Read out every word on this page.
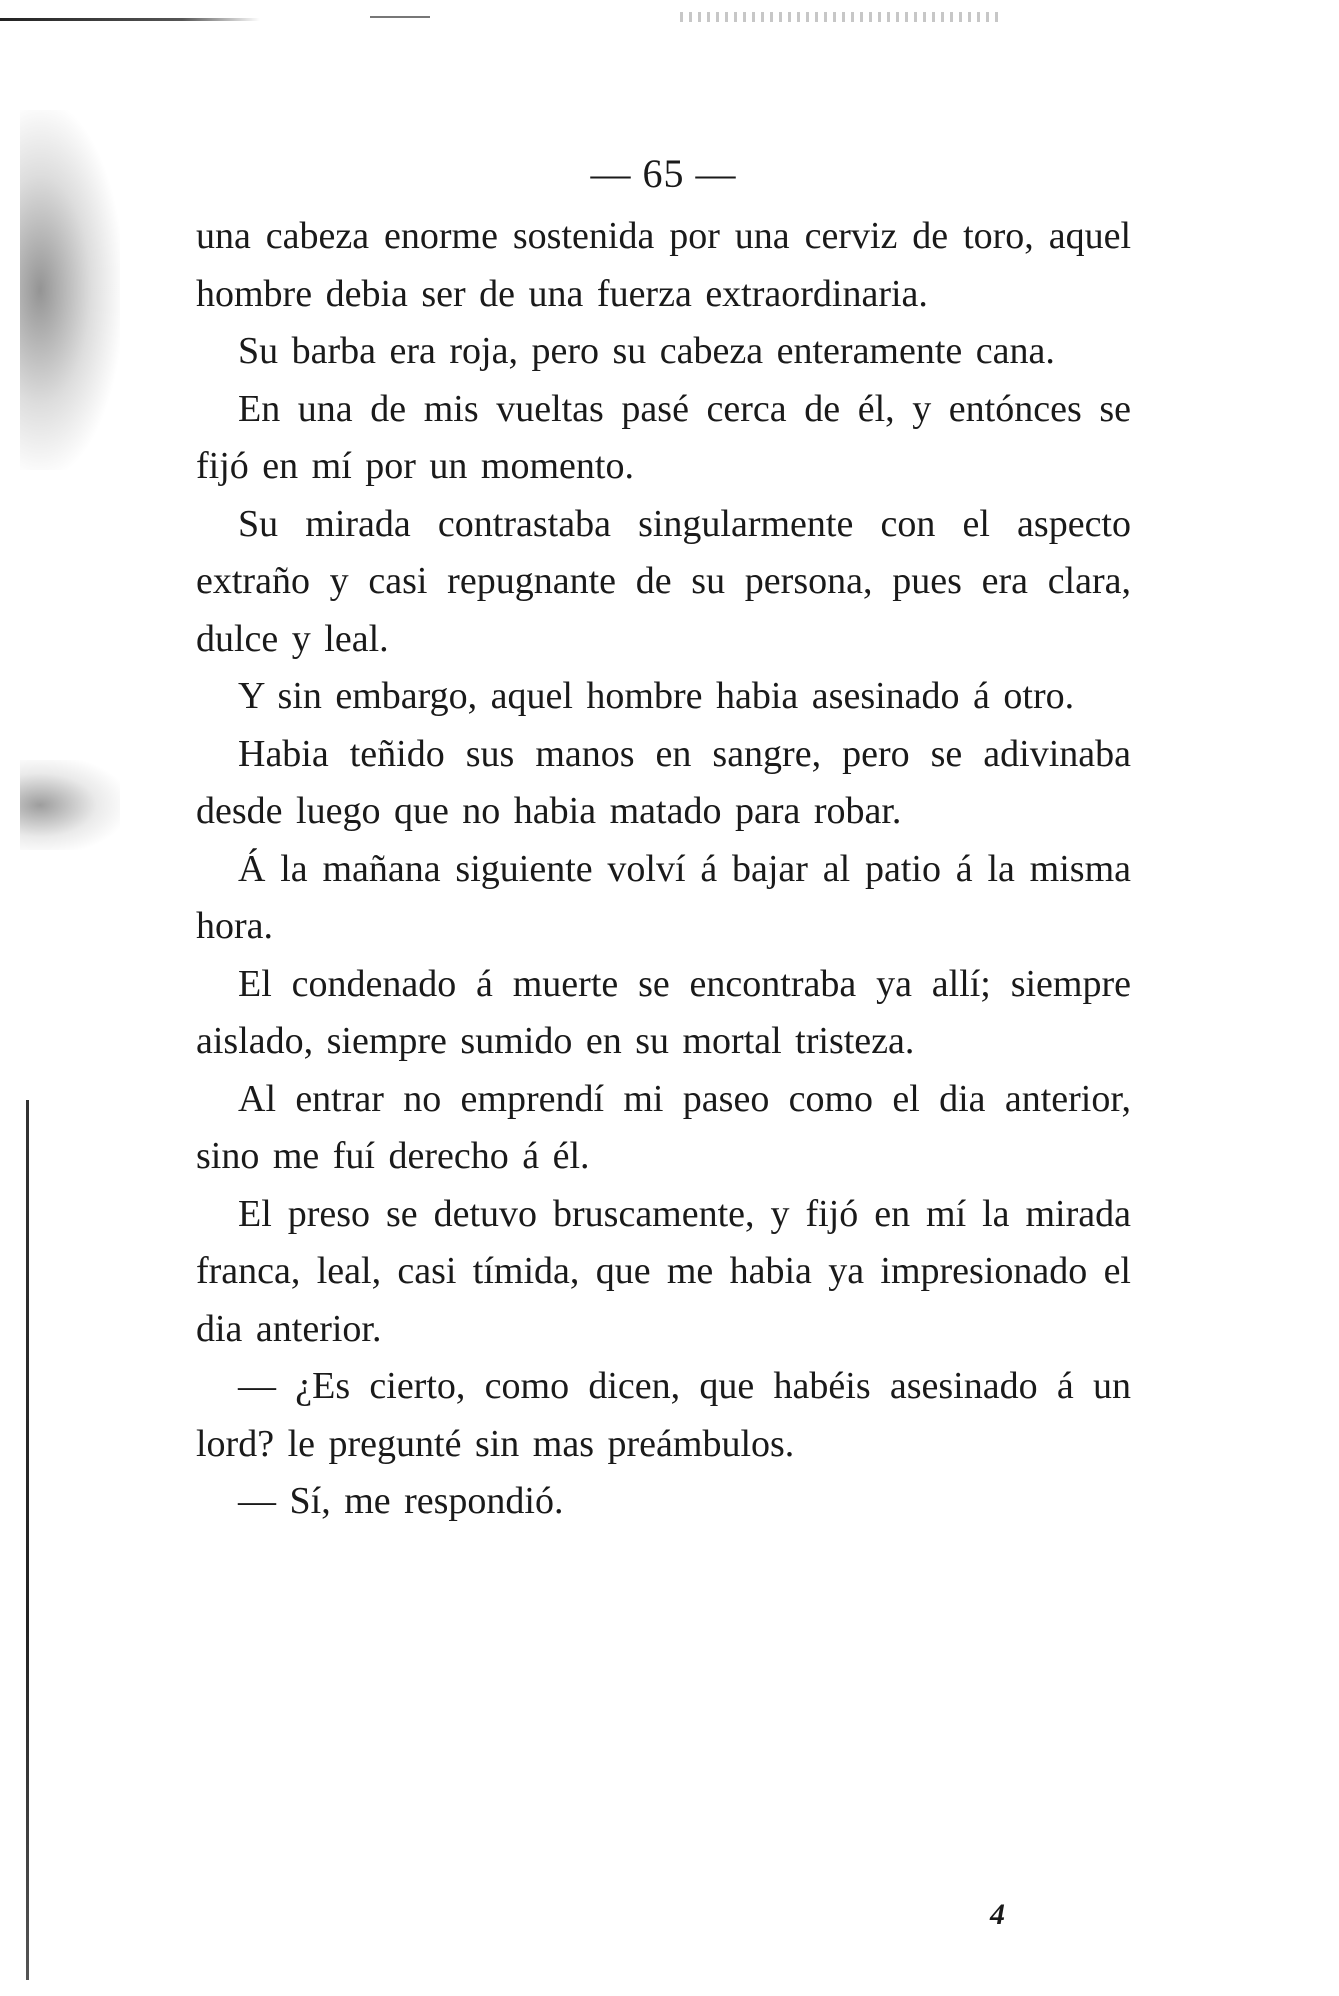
— 65 —

una cabeza enorme sostenida por una cerviz de toro, aquel hombre debia ser de una fuerza extraordinaria.

Su barba era roja, pero su cabeza enteramente cana.

En una de mis vueltas pasé cerca de él, y entónces se fijó en mí por un momento.

Su mirada contrastaba singularmente con el aspecto extraño y casi repugnante de su persona, pues era clara, dulce y leal.

Y sin embargo, aquel hombre habia asesinado á otro.

Habia teñido sus manos en sangre, pero se adivinaba desde luego que no habia matado para robar.

Á la mañana siguiente volví á bajar al patio á la misma hora.

El condenado á muerte se encontraba ya allí; siempre aislado, siempre sumido en su mortal tristeza.

Al entrar no emprendí mi paseo como el dia anterior, sino me fuí derecho á él.

El preso se detuvo bruscamente, y fijó en mí la mirada franca, leal, casi tímida, que me habia ya impresionado el dia anterior.

— ¿Es cierto, como dicen, que habéis asesinado á un lord? le pregunté sin mas preámbulos.

— Sí, me respondió.

4
